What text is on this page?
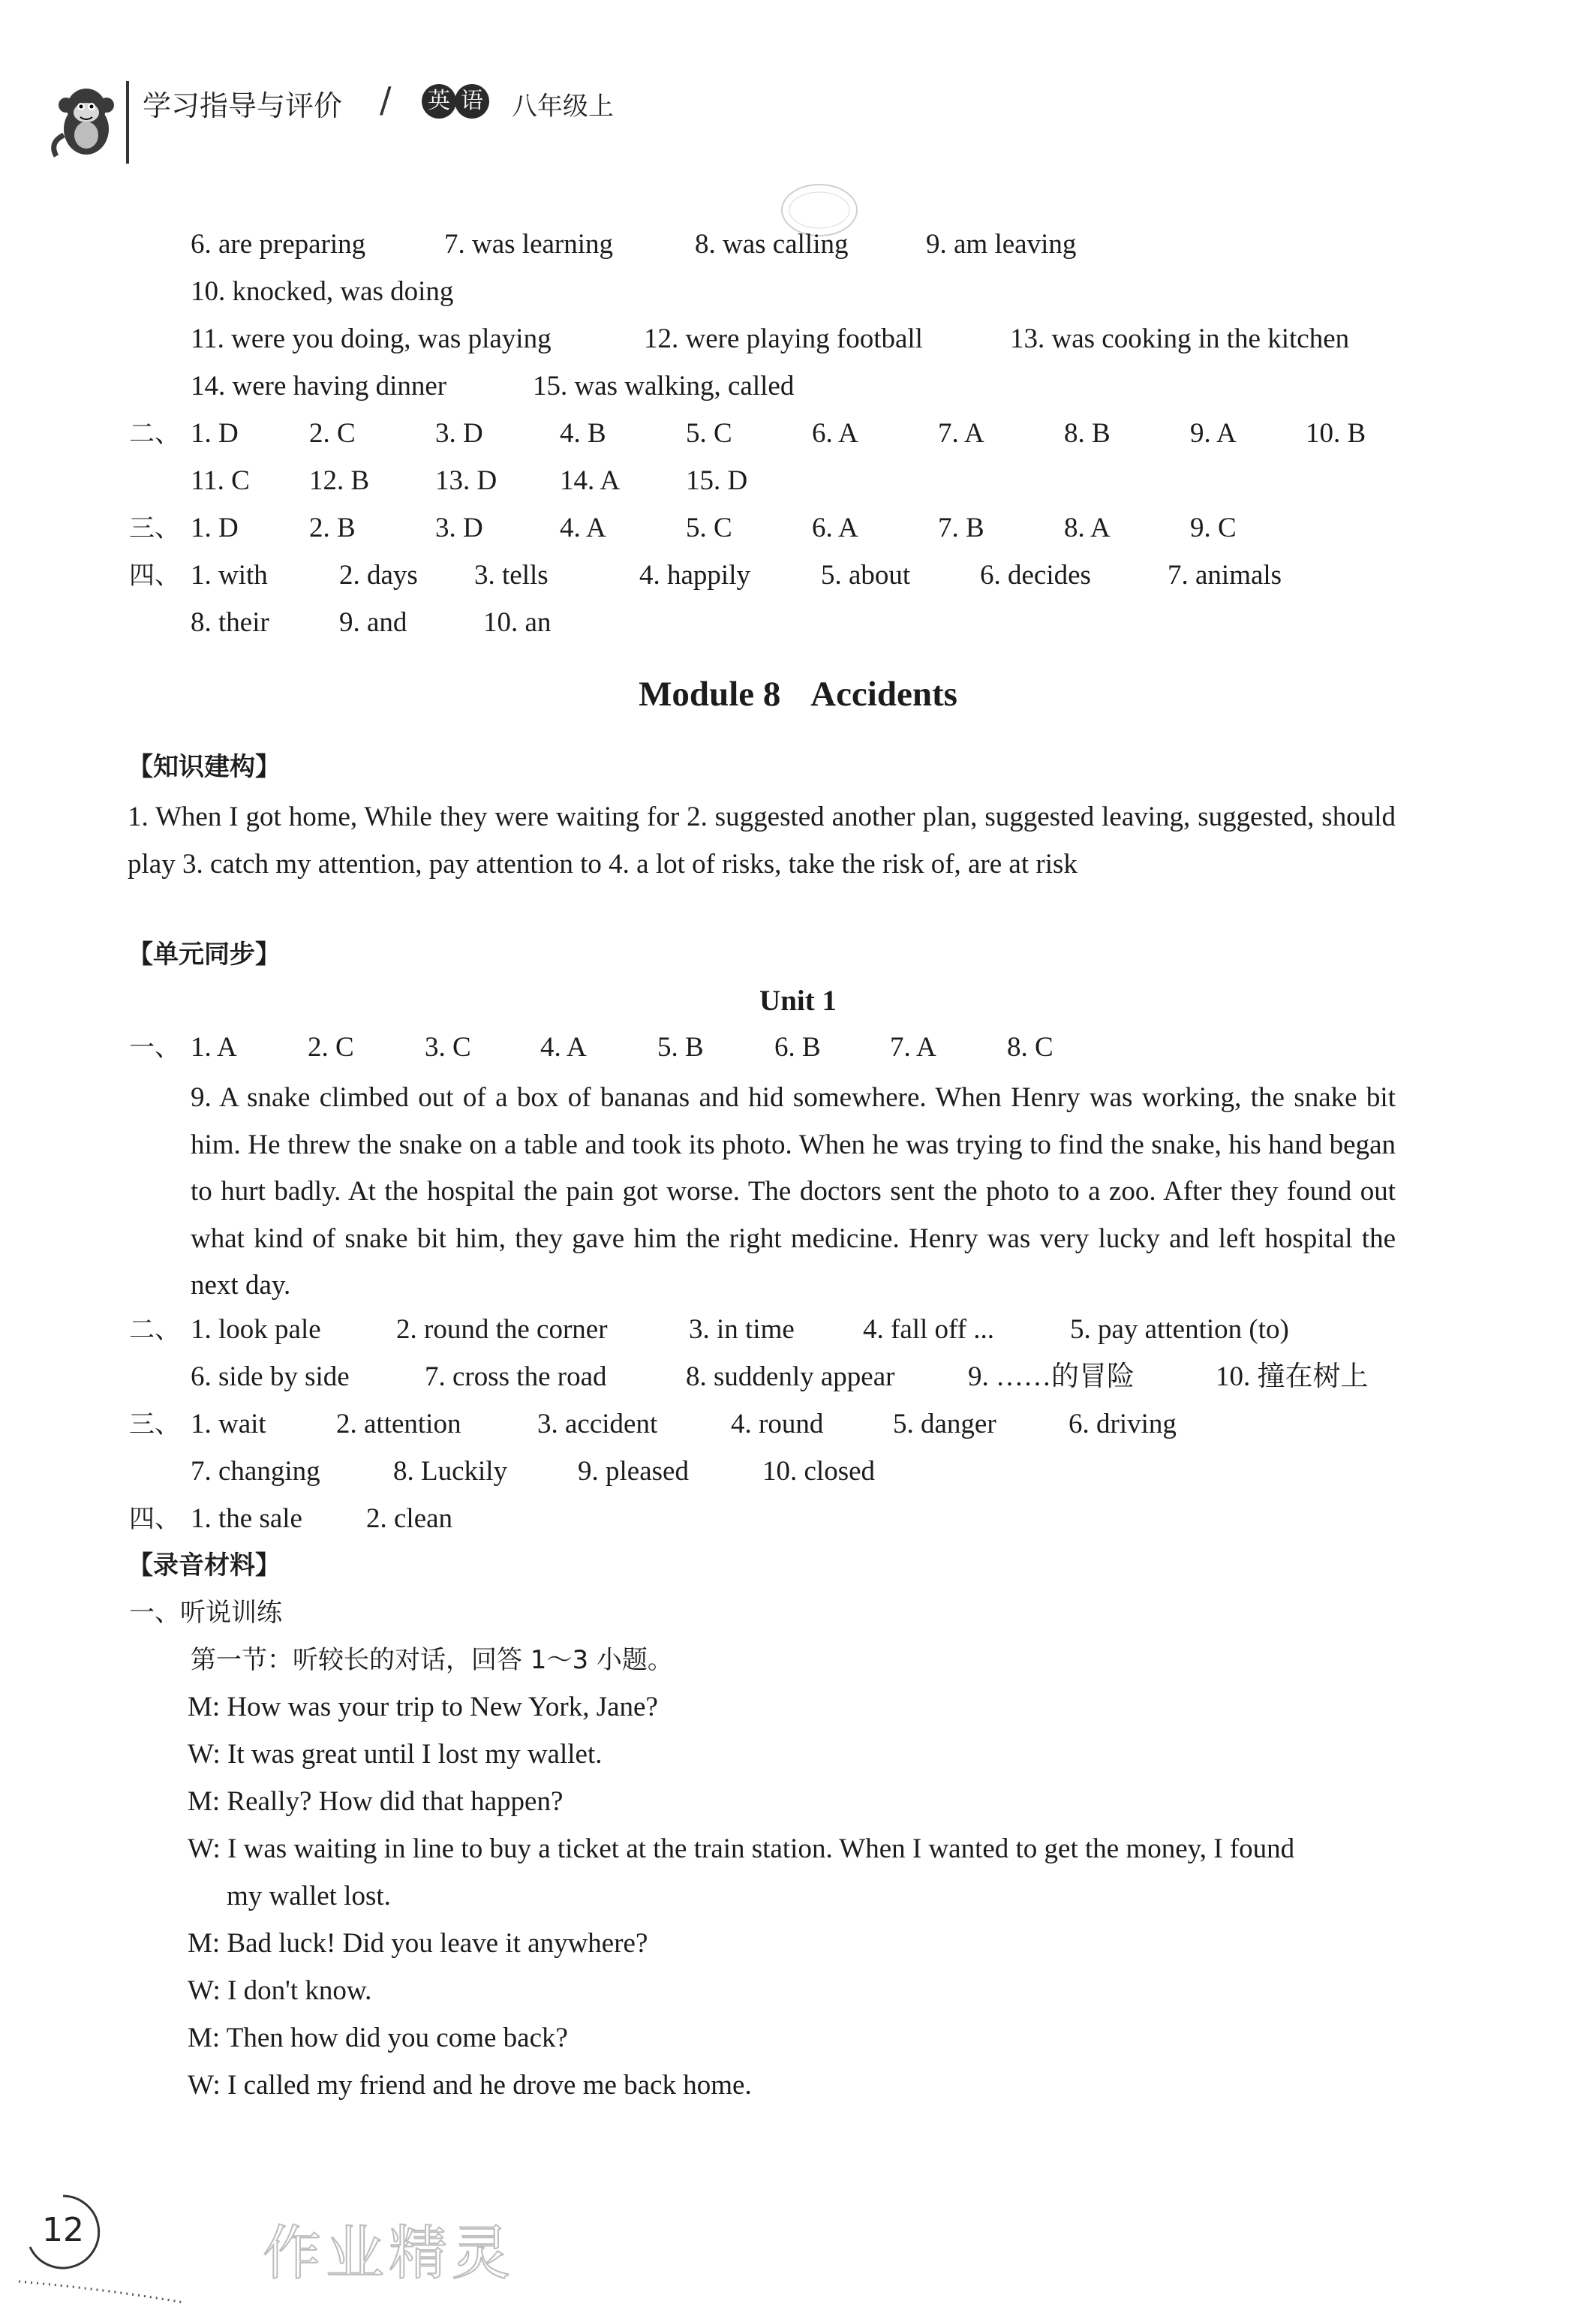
学习指导与评价 / 英 语 八年级上
6. are preparing	7. was learning	8. was calling	9. am leaving
10. knocked, was doing
11. were you doing, was playing	12. were playing football	13. was cooking in the kitchen
14. were having dinner	15. was walking, called
二、 1. D	2. C	3. D	4. B	5. C	6. A	7. A	8. B	9. A 10. B
11. C 12. B 13. D 14. A 15. D
三、 1. D	2. B	3. D	4. A	5. C	6. A	7. B	8. A	9. C
四、 1. with	2. days 3. tells	4. happily	5. about	6. decides	7. animals
8. their	9. and	10. an
Module 8 Accidents
【知识建构】
1. When I got home, While they were waiting for 2. suggested another plan, suggested leaving, suggested, should play 3. catch my attention, pay attention to 4. a lot of risks, take the risk of, are at risk
【单元同步】
Unit 1
一、 1. A	2. C	3. C 4. A	5. B	6. B 7. A	8. C
9. A snake climbed out of a box of bananas and hid somewhere. When Henry was working, the snake bit him. He threw the snake on a table and took its photo. When he was trying to find the snake, his hand began to hurt badly. At the hospital the pain got worse. The doctors sent the photo to a zoo. After they found out what kind of snake bit him, they gave him the right medicine. Henry was very lucky and left hospital the next day.
二、 1. look pale	2. round the corner	3. in time 4. fall off ...	5. pay attention (to)
6. side by side	7. cross the road	8. suddenly appear	9. ……的冒险	10. 撞在树上
三、 1. wait	2. attention	3. accident	4. round	5. danger	6. driving
7. changing	8. Luckily	9. pleased	10. closed
四、 1. the sale 2. clean
【录音材料】
一、听说训练
第一节：听较长的对话，回答 1～3 小题。
M: How was your trip to New York, Jane?
W: It was great until I lost my wallet.
M: Really? How did that happen?
W: I was waiting in line to buy a ticket at the train station. When I wanted to get the money, I found
my wallet lost.
M: Bad luck! Did you leave it anywhere?
W: I don't know.
M: Then how did you come back?
W: I called my friend and he drove me back home.
12	作业精灵
